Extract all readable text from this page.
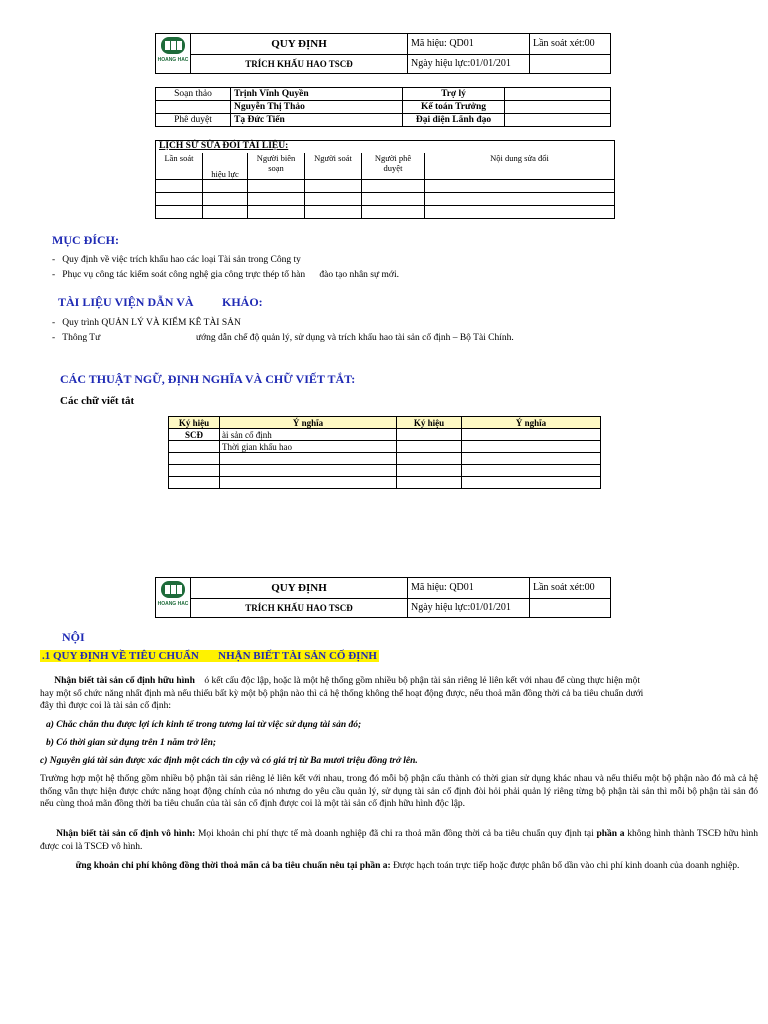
HOANG HAC	QUY ĐỊNH	Mã hiệu: QD01	Lần soát xét:00
	TRÍCH KHẤU HAO TSCĐ	Ngày hiệu lực:01/01/201	
Soạn thảo	Trịnh Vĩnh Quyền	Trợ lý	
	Nguyễn Thị Thảo	Kế toán Trưởng	
Phê duyệt	Tạ Đức Tiến	Đại diện Lãnh đạo	
LỊCH SỬ SỬA ĐỔI TÀI LIỆU:					
Lần soát	hiệu lực	Người biên soạn	Người soát	Người phê duyệt	Nội dung sửa đổi

MỤC ĐÍCH:
-   Quy định về việc trích khấu hao các loại Tài sản trong Công ty
-   Phục vụ công tác kiểm soát công nghệ gia công trực thép tổ hàn      đào tạo nhân sự mới.
TÀI LIỆU VIỆN DẪN VÀ KHẢO:
-   Quy trình QUẢN LÝ VÀ KIỂM KÊ TÀI SẢN
-   Thông Tư	ướng dẫn chế độ quản lý, sử dụng và trích khấu hao tài sản cố định – Bộ Tài Chính.
CÁC THUẬT NGỮ, ĐỊNH NGHĨA VÀ CHỮ VIẾT TẮT:
Các chữ viết tắt
Ký hiệu	Ý nghĩa	Ký hiệu	Ý nghĩa
SCĐ	ài sản cố định		
	Thời gian khấu hao		

HOANG HAC	QUY ĐỊNH	Mã hiệu: QD01	Lần soát xét:00
	TRÍCH KHẤU HAO TSCĐ	Ngày hiệu lực:01/01/201	
NỘI
.1 QUY ĐỊNH VỀ TIÊU CHUẨN       NHẬN BIẾT TÀI SẢN CỐ ĐỊNH
Nhận biết tài sản cố định hữu hình ó kết cấu độc lập, hoặc là một hệ thống gồm nhiều bộ phận tài sản riêng lẻ liên kết với nhau để cùng thực hiện một
hay một số chức năng nhất định mà nếu thiếu bất kỳ một bộ phận nào thì cả hệ thống không thể hoạt động được, nếu thoả mãn đồng thời cả ba tiêu chuẩn dưới
đây thì được coi là tài sản cố định:
a) Chắc chắn thu được lợi ích kinh tế trong tương lai từ việc sử dụng tài sản đó;
b) Có thời gian sử dụng trên 1 năm trở lên;
c) Nguyên giá tài sản được xác định một cách tin cậy và có giá trị từ Ba mươi triệu đồng trở lên.
Trường hợp một hệ thống gồm nhiều bộ phận tài sản riêng lẻ liên kết với nhau, trong đó mỗi bộ phận cấu thành có thời gian sử dụng khác nhau và nếu thiếu một bộ phận nào đó mà cả hệ thống vẫn thực hiện được chức năng hoạt động chính của nó nhưng do yêu cầu quản lý, sử dụng tài sản cố định đòi hỏi phải quản lý riêng từng bộ phận tài sản thì mỗi bộ phận tài sản đó nếu cùng thoả mãn đồng thời ba tiêu chuẩn của tài sản cố định được coi là một tài sản cố định hữu hình độc lập.
Nhận biết tài sản cố định vô hình: Mọi khoản chi phí thực tế mà doanh nghiệp đã chi ra thoả mãn đồng thời cả ba tiêu chuẩn quy định tại phần a không hình thành TSCĐ hữu hình được coi là TSCĐ vô hình.
ững khoản chi phí không đồng thời thoả mãn cả ba tiêu chuẩn nêu tại phần a: Được hạch toán trực tiếp hoặc được phân bổ dần vào chi phí kinh doanh của doanh nghiệp.
